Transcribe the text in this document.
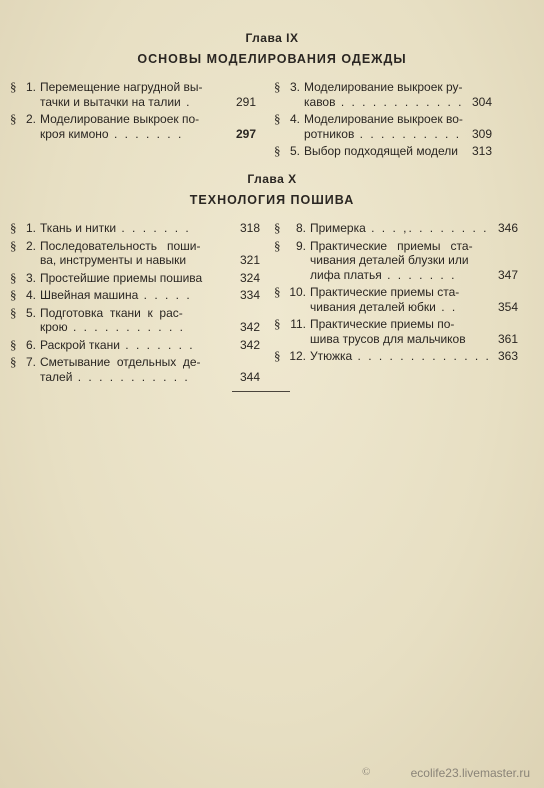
Глава IX
ОСНОВЫ МОДЕЛИРОВАНИЯ ОДЕЖДЫ
§ 1. Перемещение нагрудной вы-
тачки и вытачки на талии .	291
§ 2. Моделирование выкроек по-
кроя кимоно . . . . . . .	297
§ 3. Моделирование выкроек ру-
кавов . . . . . . . . . . . . 304
§ 4. Моделирование выкроек во-
ротников . . . . . . . . . . 309
§ 5. Выбор подходящей модели 313
Глава X
ТЕХНОЛОГИЯ ПОШИВА
§ 1. Ткань и нитки . . . . . . .	318
§ 2. Последовательность   поши-
ва, инструменты и навыки	321
§ 3. Простейшие приемы пошива	324
§ 4. Швейная машина . . . . .	334
§ 5. Подготовка  ткани  к  рас-
крою . . . . . . . . . . .	342
§ 6. Раскрой ткани . . . . . . .	342
§ 7. Сметывание  отдельных  де-
талей . . . . . . . . . . .	344
§	8. Примерка . . . ,. . . . . . . . 346
§	9. Практические   приемы   ста-
чивания деталей блузки или
лифа платья . . . . . . .	347
§ 10. Практические приемы ста-
чивания деталей юбки . .	354
§ 11. Практические приемы по-
шива трусов для мальчиков	361
§ 12. Утюжка . . . . . . . . . . . . . 363
©	ecolife23.livemaster.ru
